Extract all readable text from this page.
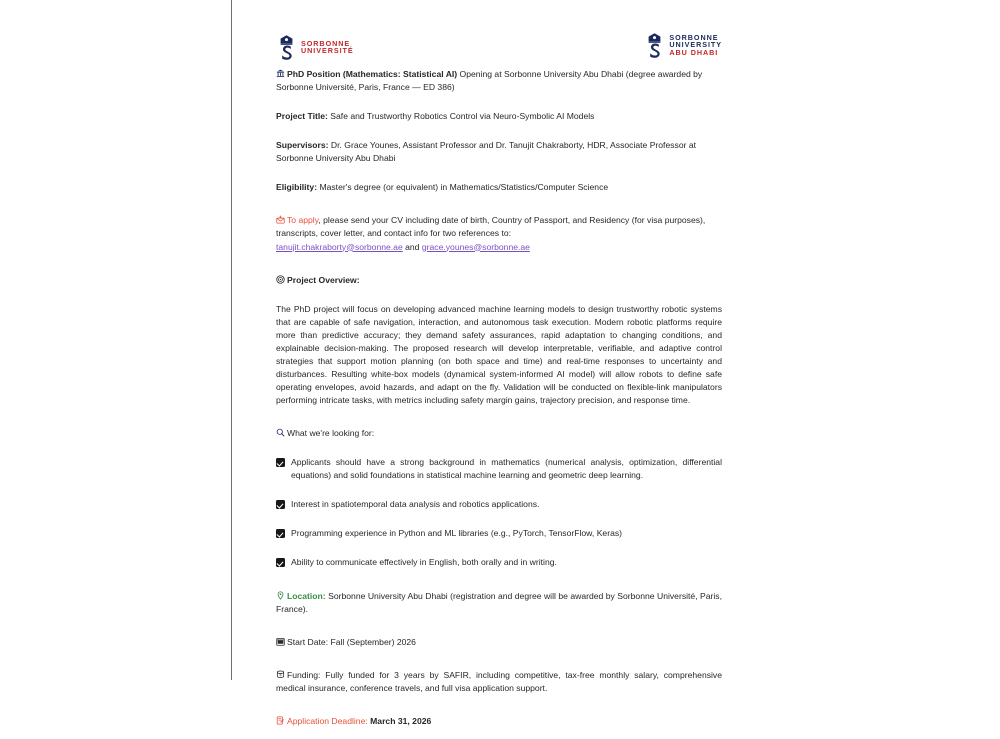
SORBONNE
UNIVERSITÉ
SORBONNE
UNIVERSITY
ABU DHABI

PhD Position (Mathematics: Statistical AI) Opening at Sorbonne University Abu Dhabi (degree awarded by Sorbonne Université, Paris, France — ED 386)

Project Title: Safe and Trustworthy Robotics Control via Neuro-Symbolic AI Models

Supervisors: Dr. Grace Younes, Assistant Professor and Dr. Tanujit Chakraborty, HDR, Associate Professor at Sorbonne University Abu Dhabi

Eligibility: Master's degree (or equivalent) in Mathematics/Statistics/Computer Science

To apply, please send your CV including date of birth, Country of Passport, and Residency (for visa purposes), transcripts, cover letter, and contact info for two references to:
tanujit.chakraborty@sorbonne.ae and grace.younes@sorbonne.ae

Project Overview:

The PhD project will focus on developing advanced machine learning models to design trustworthy robotic systems that are capable of safe navigation, interaction, and autonomous task execution. Modern robotic platforms require more than predictive accuracy; they demand safety assurances, rapid adaptation to changing conditions, and explainable decision-making. The proposed research will develop interpretable, verifiable, and adaptive control strategies that support motion planning (on both space and time) and real-time responses to uncertainty and disturbances. Resulting white-box models (dynamical system-informed AI model) will allow robots to define safe operating envelopes, avoid hazards, and adapt on the fly. Validation will be conducted on flexible-link manipulators performing intricate tasks, with metrics including safety margin gains, trajectory precision, and response time.

What we're looking for:

Applicants should have a strong background in mathematics (numerical analysis, optimization, differential equations) and solid foundations in statistical machine learning and geometric deep learning.
Interest in spatiotemporal data analysis and robotics applications.
Programming experience in Python and ML libraries (e.g., PyTorch, TensorFlow, Keras)
Ability to communicate effectively in English, both orally and in writing.

Location: Sorbonne University Abu Dhabi (registration and degree will be awarded by Sorbonne Université, Paris, France).

Start Date: Fall (September) 2026

$ Funding: Fully funded for 3 years by SAFIR, including competitive, tax-free monthly salary, comprehensive medical insurance, conference travels, and full visa application support.

Application Deadline: March 31, 2026
